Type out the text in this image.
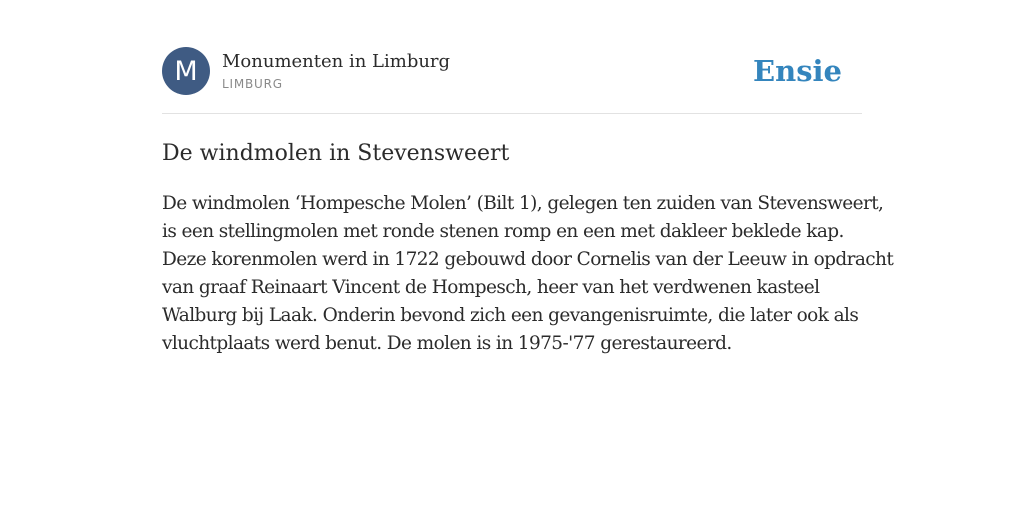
M	Monumenten in Limburg
LIMBURG	Ensie
De windmolen in Stevensweert
De windmolen ‘Hompesche Molen’ (Bilt 1), gelegen ten zuiden van Stevensweert,
is een stellingmolen met ronde stenen romp en een met dakleer beklede kap.
Deze korenmolen werd in 1722 gebouwd door Cornelis van der Leeuw in opdracht
van graaf Reinaart Vincent de Hompesch, heer van het verdwenen kasteel
Walburg bij Laak. Onderin bevond zich een gevangenisruimte, die later ook als
vluchtplaats werd benut. De molen is in 1975-'77 gerestaureerd.
